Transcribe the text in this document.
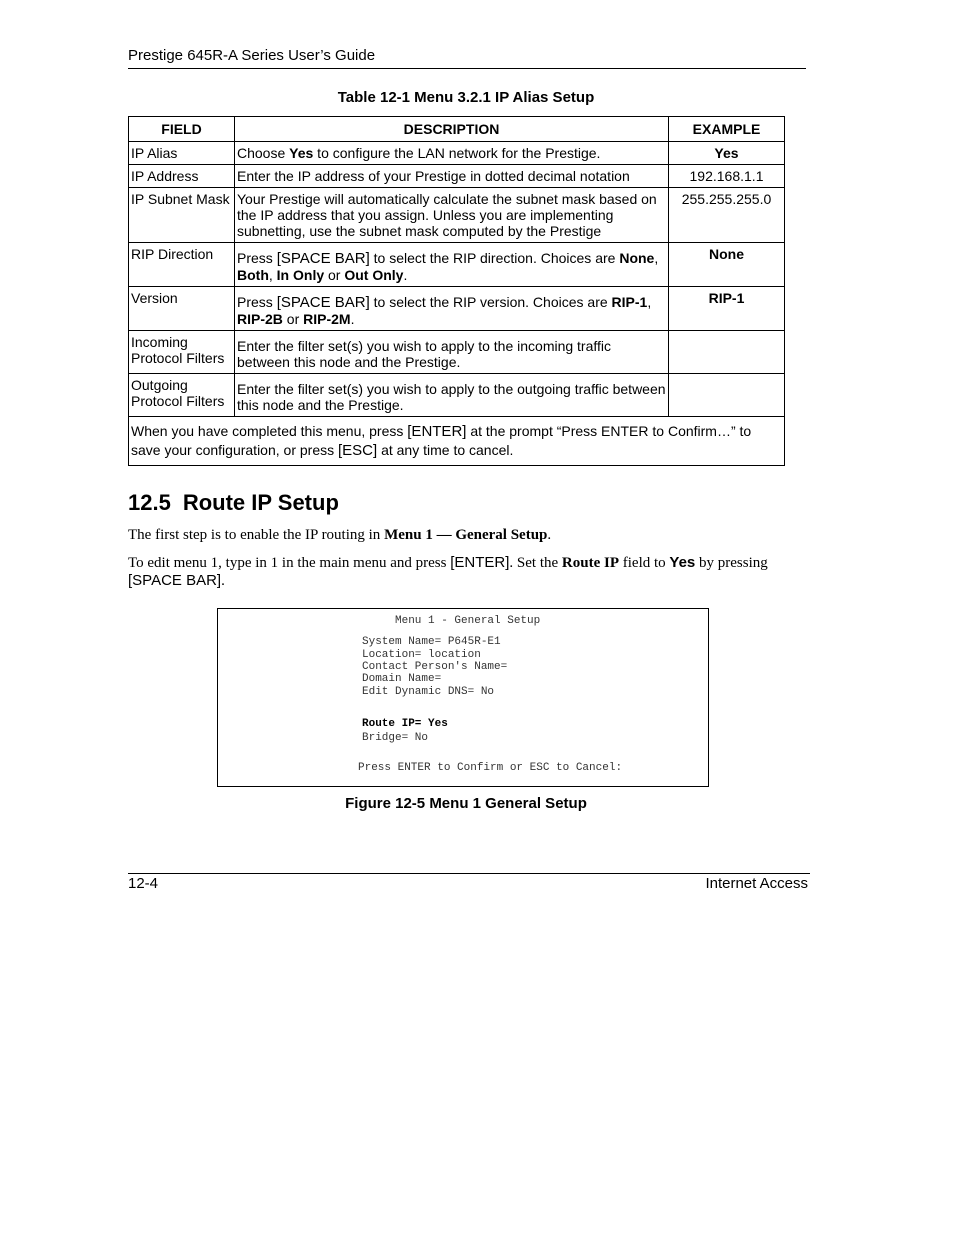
Prestige 645R-A Series User’s Guide
Table 12-1 Menu 3.2.1 IP Alias Setup
FIELD	DESCRIPTION	EXAMPLE
IP Alias	Choose Yes to configure the LAN network for the Prestige.	Yes
IP Address	Enter the IP address of your Prestige in dotted decimal notation	192.168.1.1
IP Subnet Mask	Your Prestige will automatically calculate the subnet mask based on the IP address that you assign. Unless you are implementing subnetting, use the subnet mask computed by the Prestige	255.255.255.0
RIP Direction	Press [SPACE BAR] to select the RIP direction. Choices are None, Both, In Only or Out Only.	None
Version	Press [SPACE BAR] to select the RIP version. Choices are RIP-1, RIP-2B or RIP-2M.	RIP-1
Incoming Protocol Filters	Enter the filter set(s) you wish to apply to the incoming traffic between this node and the Prestige.	
Outgoing Protocol Filters	Enter the filter set(s) you wish to apply to the outgoing traffic between this node and the Prestige.	
When you have completed this menu, press [ENTER] at the prompt “Press ENTER to Confirm…” to save your configuration, or press [ESC] at any time to cancel.		
12.5 Route IP Setup
The first step is to enable the IP routing in Menu 1 — General Setup.
To edit menu 1, type in 1 in the main menu and press [ENTER]. Set the Route IP field to Yes by pressing [SPACE BAR].
Menu 1 - General Setup
System Name= P645R-E1
Location= location
Contact Person's Name=
Domain Name=
Edit Dynamic DNS= No
Route IP= Yes
Bridge= No
Press ENTER to Confirm or ESC to Cancel:
Figure 12-5 Menu 1 General Setup
12-4	Internet Access
